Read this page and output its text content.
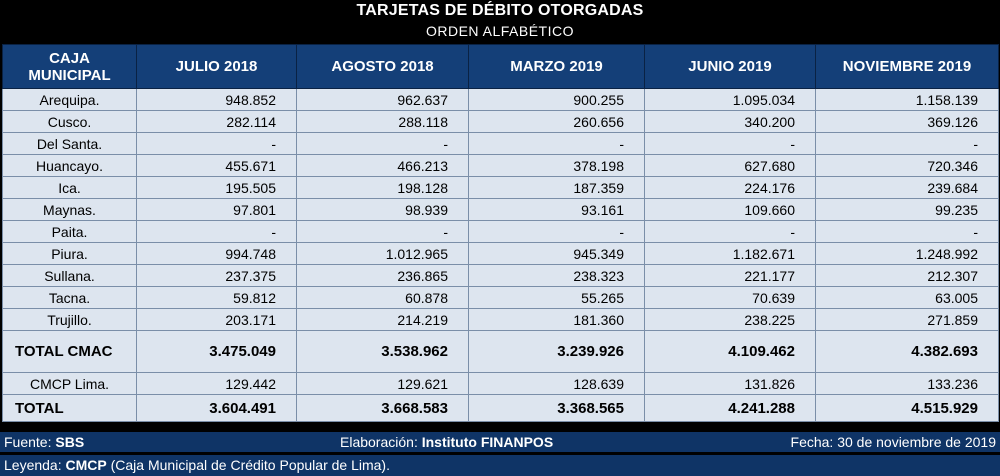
TARJETAS DE DÉBITO OTORGADAS
ORDEN ALFABÉTICO
CAJA MUNICIPAL	JULIO 2018	AGOSTO 2018	MARZO 2019	JUNIO 2019	NOVIEMBRE 2019
Arequipa.	948.852	962.637	900.255	1.095.034	1.158.139
Cusco.	282.114	288.118	260.656	340.200	369.126
Del Santa.	-	-	-	-	-
Huancayo.	455.671	466.213	378.198	627.680	720.346
Ica.	195.505	198.128	187.359	224.176	239.684
Maynas.	97.801	98.939	93.161	109.660	99.235
Paita.	-	-	-	-	-
Piura.	994.748	1.012.965	945.349	1.182.671	1.248.992
Sullana.	237.375	236.865	238.323	221.177	212.307
Tacna.	59.812	60.878	55.265	70.639	63.005
Trujillo.	203.171	214.219	181.360	238.225	271.859
TOTAL CMAC	3.475.049	3.538.962	3.239.926	4.109.462	4.382.693
CMCP Lima.	129.442	129.621	128.639	131.826	133.236
TOTAL	3.604.491	3.668.583	3.368.565	4.241.288	4.515.929
Fuente: SBS	Elaboración: Instituto FINANPOS	Fecha: 30 de noviembre de 2019
Leyenda: CMCP (Caja Municipal de Crédito Popular de Lima).
